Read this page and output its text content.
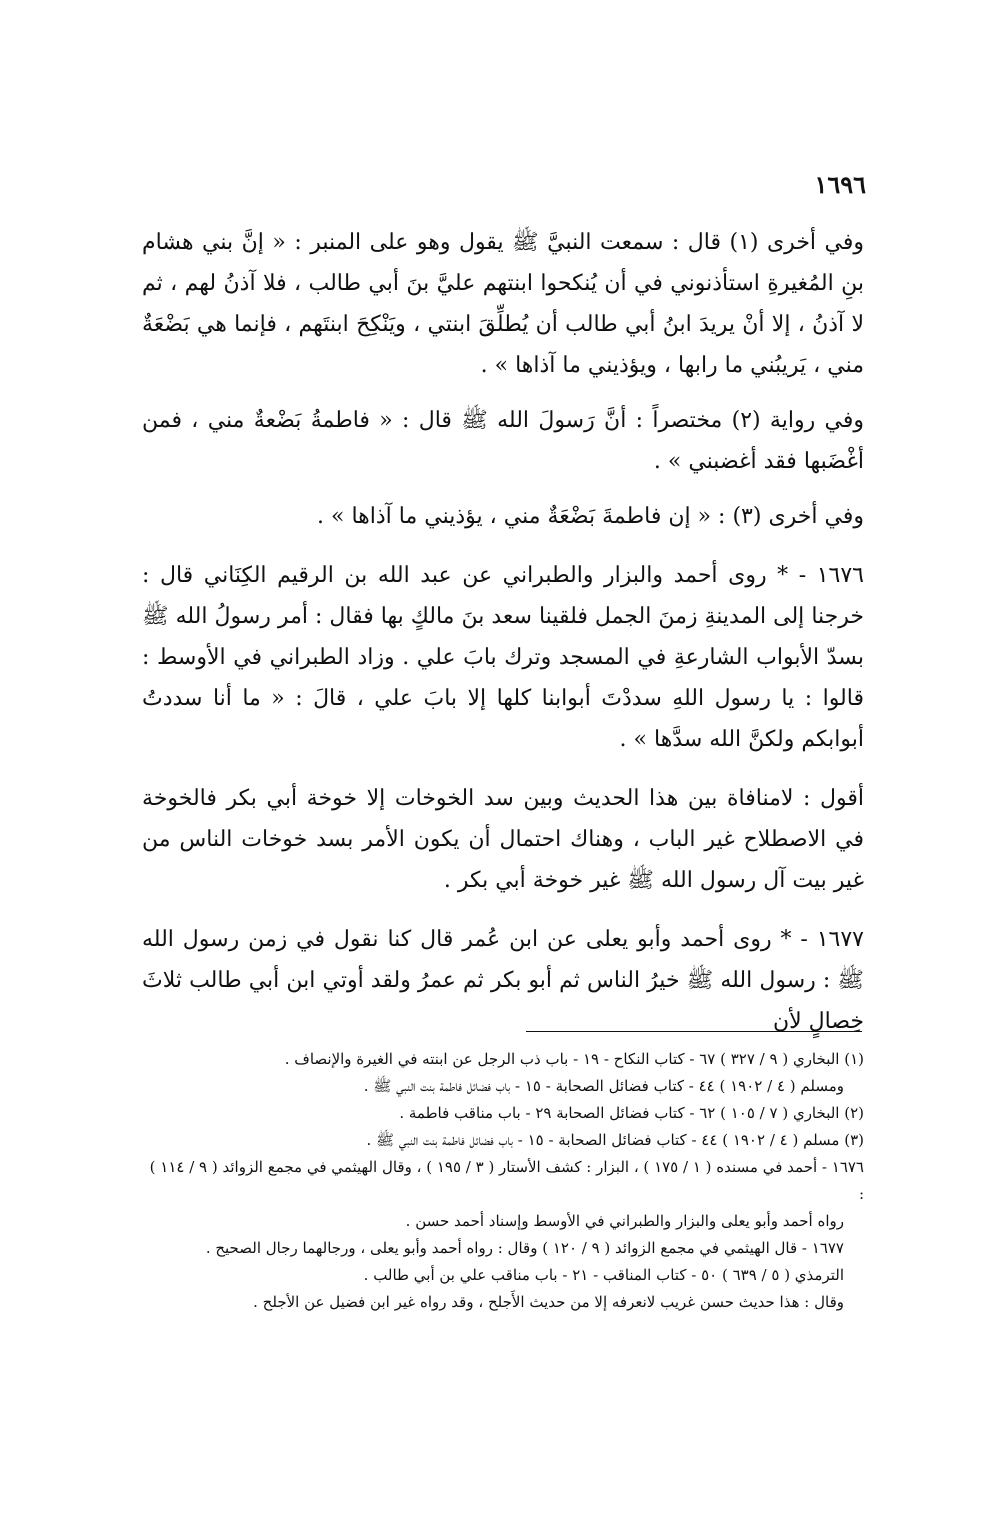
١٦٩٦

وفي أخرى (١) قال : سمعت النبيَّ ﷺ يقول وهو على المنبر : « إنَّ بني هشام بنِ المُغيرةِ استأذنوني في أن يُنكحوا ابنتهم عليَّ بنَ أبي طالب ، فلا آذنُ لهم ، ثم لا آذنُ ، إلا أنْ يريدَ ابنُ أبي طالب أن يُطلِّقَ ابنتي ، ويَنْكِحَ ابنتَهم ، فإنما هي بَضْعَةٌ مني ، يَريبُني ما رابها ، ويؤذيني ما آذاها » .

وفي رواية (٢) مختصراً : أنَّ رَسولَ الله ﷺ قال : « فاطمةُ بَضْعةٌ مني ، فمن أغْضَبها فقد أغضبني » .

وفي أخرى (٣) : « إن فاطمةَ بَضْعَةٌ مني ، يؤذيني ما آذاها » .

١٦٧٦ - * روى أحمد والبزار والطبراني عن عبد الله بن الرقيم الكِنَاني قال : خرجنا إلى المدينةِ زمنَ الجمل فلقينا سعد بنَ مالكٍ بها فقال : أمر رسولُ الله ﷺ بسدّ الأبواب الشارعةِ في المسجد وترك بابَ علي . وزاد الطبراني في الأوسط : قالوا : يا رسول اللهِ سددْتَ أبوابنا كلها إلا بابَ علي ، قالَ : « ما أنا سددتُ أبوابكم ولكنَّ الله سدَّها » .

أقول : لامنافاة بين هذا الحديث وبين سد الخوخات إلا خوخة أبي بكر فالخوخة في الاصطلاح غير الباب ، وهناك احتمال أن يكون الأمر بسد خوخات الناس من غير بيت آل رسول الله ﷺ غير خوخة أبي بكر .

١٦٧٧ - * روى أحمد وأبو يعلى عن ابن عُمر قال كنا نقول في زمن رسول الله ﷺ : رسول الله ﷺ خيرُ الناس ثم أبو بكر ثم عمرُ ولقد أوتي ابن أبي طالب ثلاثَ خِصالٍ لأن

(١) البخاري ( ٩ / ٣٢٧ ) ٦٧ - كتاب النكاح - ١٩ - باب ذب الرجل عن ابنته في الغيرة والإنصاف .

ومسلم ( ٤ / ١٩٠٢ ) ٤٤ - كتاب فضائل الصحابة - ١٥ - باب فضائل فاطمة بنت النبي ﷺ .

(٢) البخاري ( ٧ / ١٠٥ ) ٦٢ - كتاب فضائل الصحابة ٢٩ - باب مناقب فاطمة .

(٣) مسلم ( ٤ / ١٩٠٢ ) ٤٤ - كتاب فضائل الصحابة - ١٥ - باب فضائل فاطمة بنت النبي ﷺ .

١٦٧٦ - أحمد في مسنده ( ١ / ١٧٥ ) ، البزار : كشف الأستار ( ٣ / ١٩٥ ) ، وقال الهيثمي في مجمع الزوائد ( ٩ / ١١٤ ) :

رواه أحمد وأبو يعلى والبزار والطبراني في الأوسط وإسناد أحمد حسن .

١٦٧٧ - قال الهيثمي في مجمع الزوائد ( ٩ / ١٢٠ ) وقال : رواه أحمد وأبو يعلى ، ورجالهما رجال الصحيح .

الترمذي ( ٥ / ٦٣٩ ) ٥٠ - كتاب المناقب - ٢١ - باب مناقب علي بن أبي طالب .

وقال : هذا حديث حسن غريب لانعرفه إلا من حديث الأَجلح ، وقد رواه غير ابن فضيل عن الأجلح .
